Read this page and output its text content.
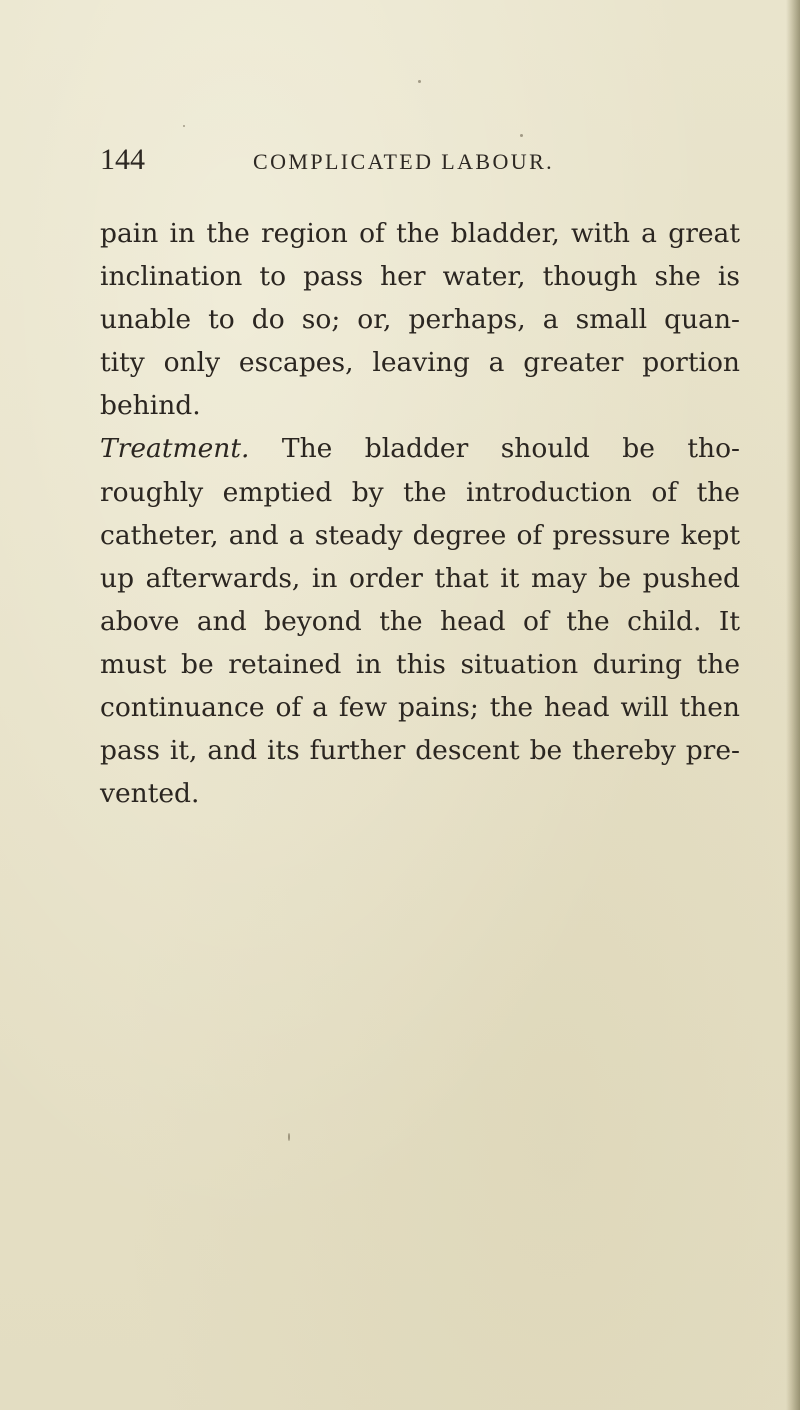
144	COMPLICATED LABOUR.
pain in the region of the bladder, with a great
inclination to pass her water, though she is
unable to do so; or, perhaps, a small quan-
tity only escapes, leaving a greater portion
behind.
Treatment. The bladder should be tho-
roughly emptied by the introduction of the
catheter, and a steady degree of pressure kept
up afterwards, in order that it may be pushed
above and beyond the head of the child. It
must be retained in this situation during the
continuance of a few pains; the head will then
pass it, and its further descent be thereby pre-
vented.
